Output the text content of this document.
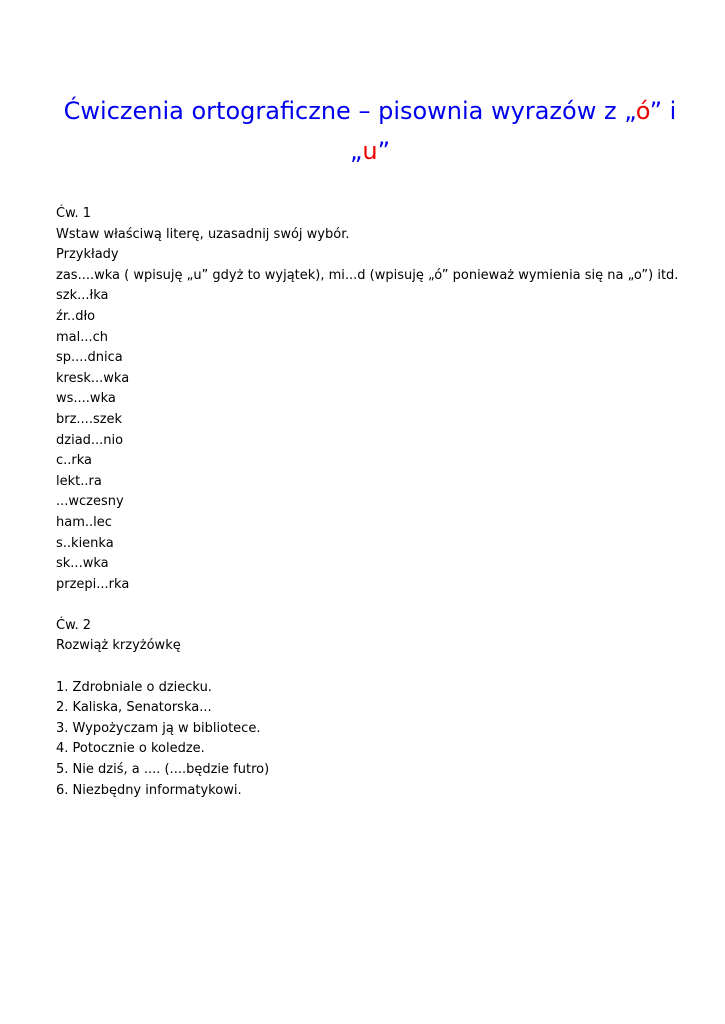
Ćwiczenia ortograficzne – pisownia wyrazów z „ó” i
„u”
Ćw. 1
Wstaw właściwą literę, uzasadnij swój wybór.
Przykłady
zas....wka ( wpisuję „u” gdyż to wyjątek), mi...d (wpisuję „ó” ponieważ wymienia się na „o”) itd.
szk...łka
źr..dło
mal...ch
sp....dnica
kresk...wka
ws....wka
brz....szek
dziad...nio
c..rka
lekt..ra
...wczesny
ham..lec
s..kienka
sk...wka
przepi...rka
Ćw. 2
Rozwiąż krzyżówkę
1. Zdrobniale o dziecku.
2. Kaliska, Senatorska...
3. Wypożyczam ją w bibliotece.
4. Potocznie o koledze.
5. Nie dziś, a .... (....będzie futro)
6. Niezbędny informatykowi.
